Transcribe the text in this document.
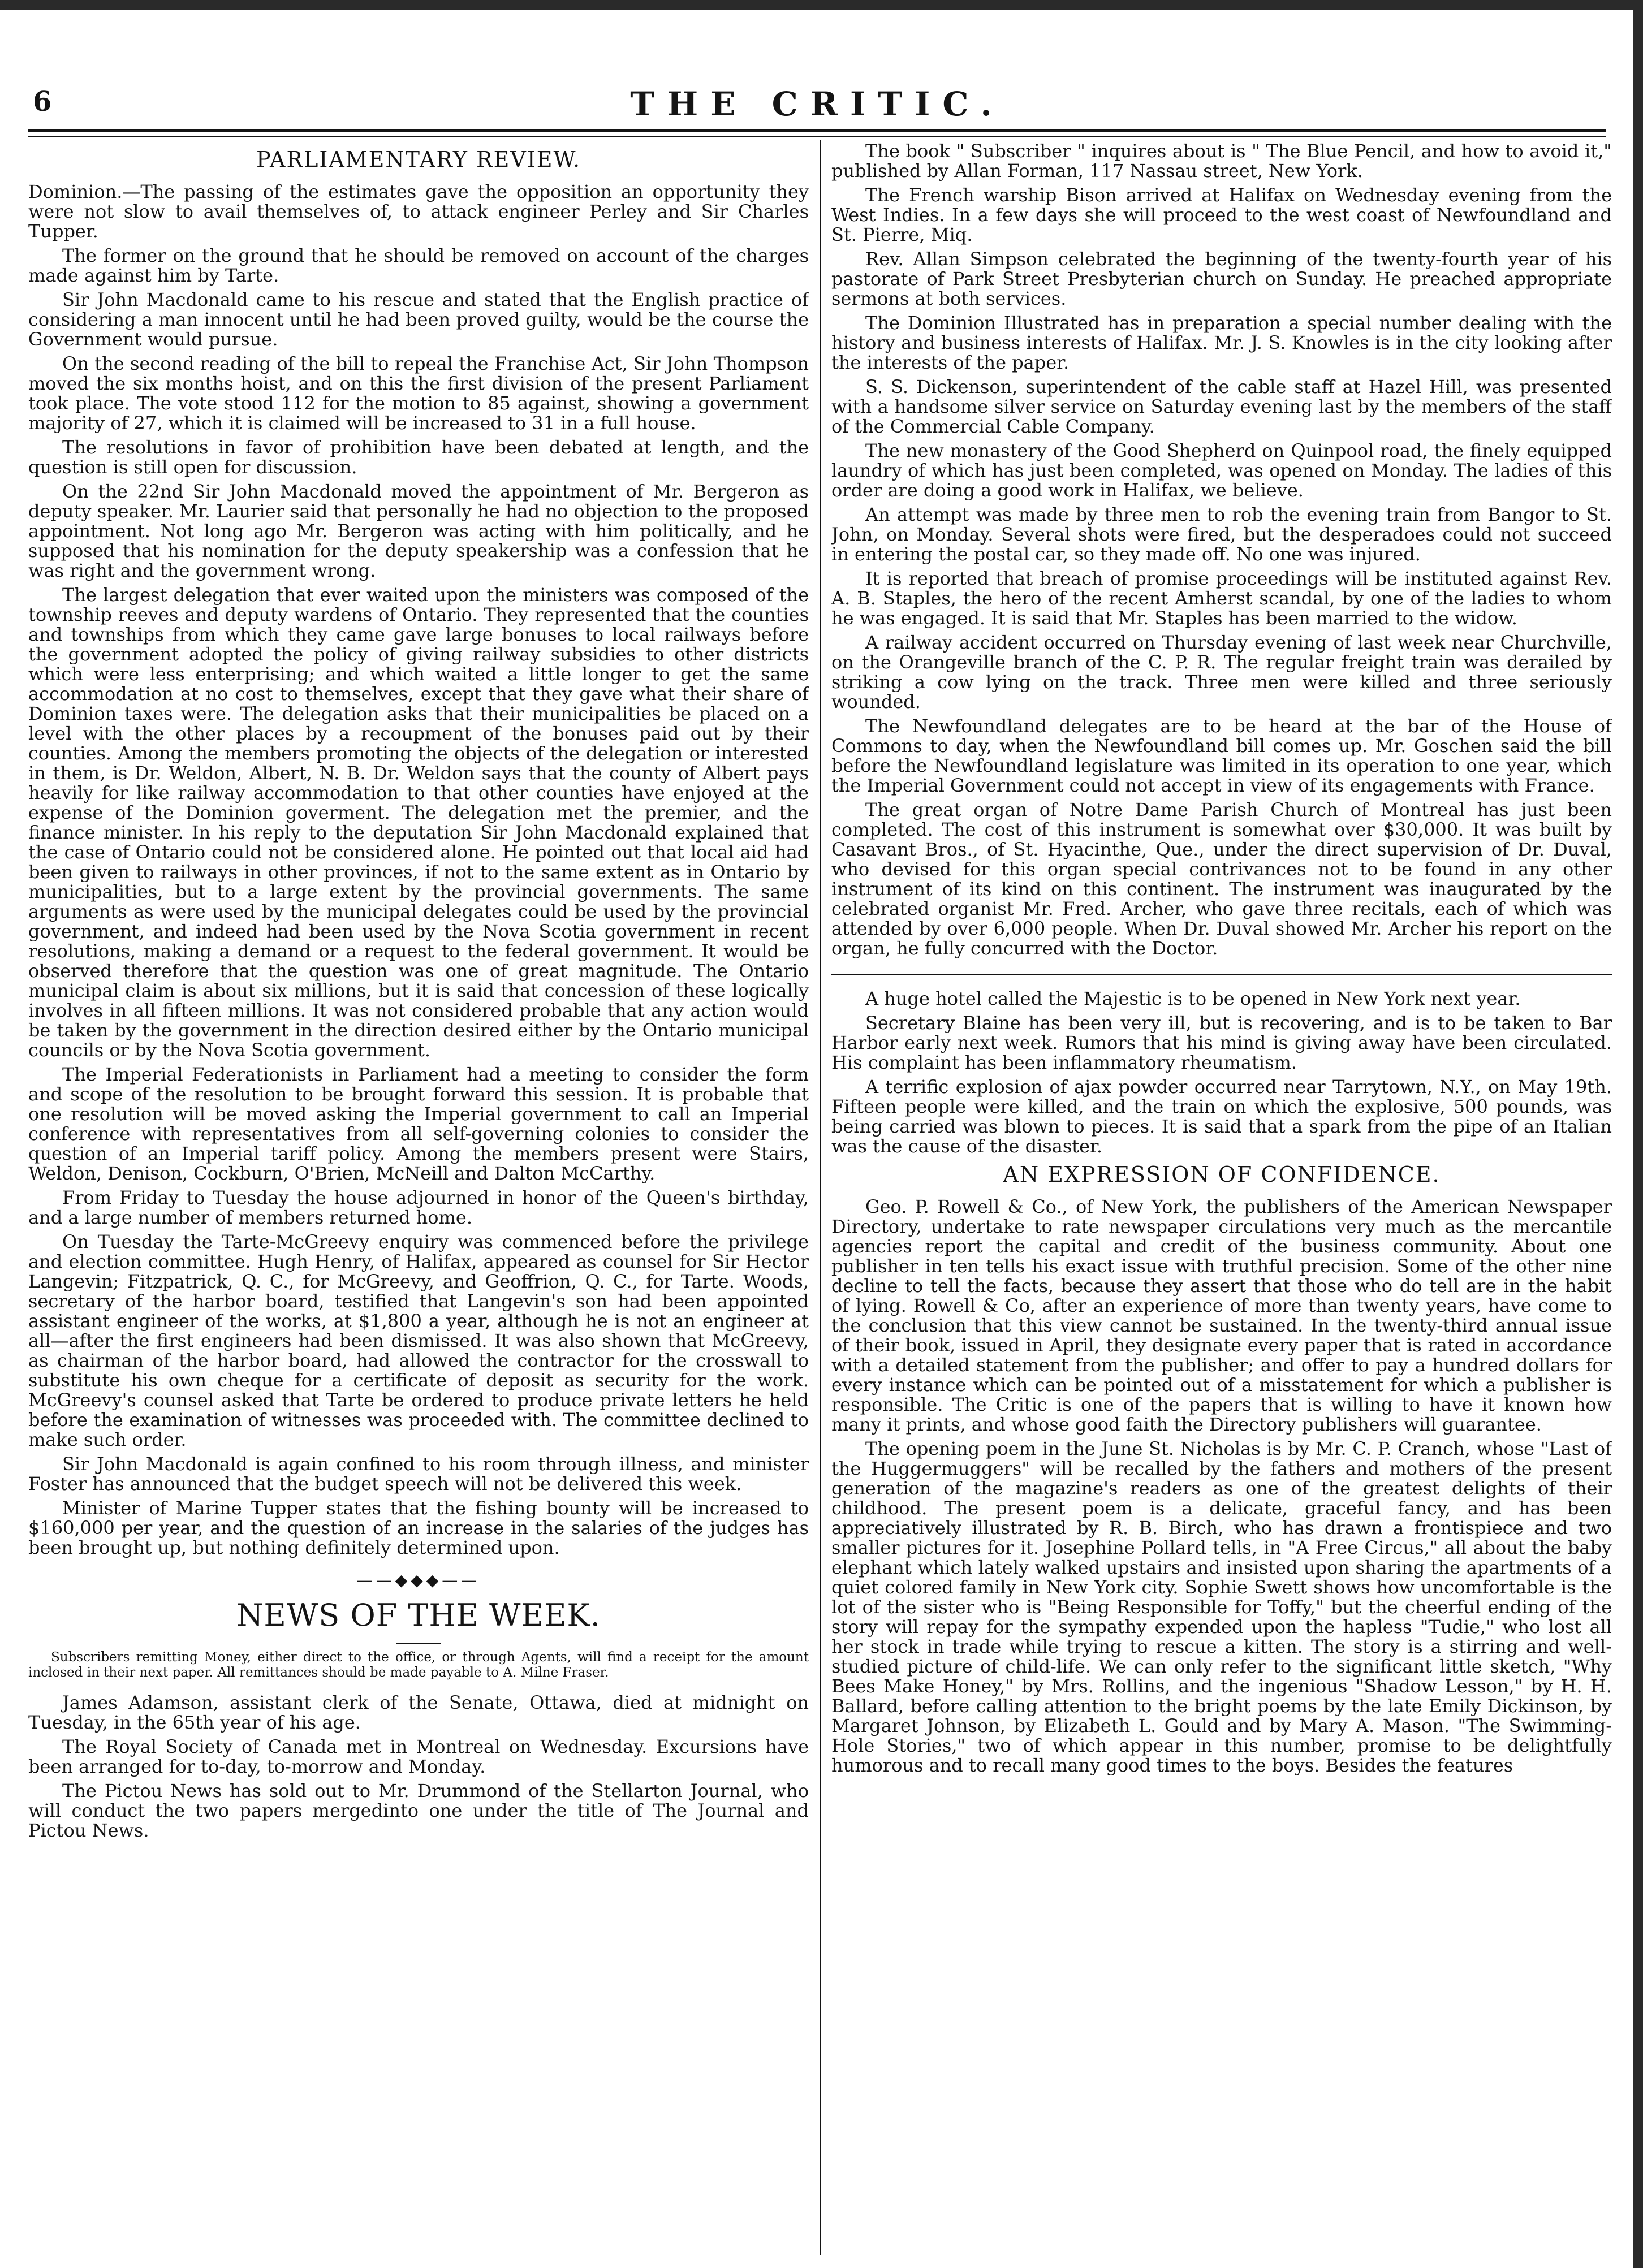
6	THE CRITIC.
PARLIAMENTARY REVIEW.

Dominion.—The passing of the estimates gave the opposition an opportunity they were not slow to avail themselves of, to attack engineer Perley and Sir Charles Tupper.

The former on the ground that he should be removed on account of the charges made against him by Tarte.

Sir John Macdonald came to his rescue and stated that the English practice of considering a man innocent until he had been proved guilty, would be the course the Government would pursue.

On the second reading of the bill to repeal the Franchise Act, Sir John Thompson moved the six months hoist, and on this the first division of the present Parliament took place. The vote stood 112 for the motion to 85 against, showing a government majority of 27, which it is claimed will be increased to 31 in a full house.

The resolutions in favor of prohibition have been debated at length, and the question is still open for discussion.

On the 22nd Sir John Macdonald moved the appointment of Mr. Bergeron as deputy speaker. Mr. Laurier said that personally he had no objection to the proposed appointment. Not long ago Mr. Bergeron was acting with him politically, and he supposed that his nomination for the deputy speakership was a confession that he was right and the government wrong.

The largest delegation that ever waited upon the ministers was composed of the township reeves and deputy wardens of Ontario. They represented that the counties and townships from which they came gave large bonuses to local railways before the government adopted the policy of giving railway subsidies to other districts which were less enterprising; and which waited a little longer to get the same accommodation at no cost to themselves, except that they gave what their share of Dominion taxes were. The delegation asks that their municipalities be placed on a level with the other places by a recoupment of the bonuses paid out by their counties. Among the members promoting the objects of the delegation or interested in them, is Dr. Weldon, Albert, N. B. Dr. Weldon says that the county of Albert pays heavily for like railway accommodation to that other counties have enjoyed at the expense of the Dominion goverment. The delegation met the premier, and the finance minister. In his reply to the deputation Sir John Macdonald explained that the case of Ontario could not be considered alone. He pointed out that local aid had been given to railways in other provinces, if not to the same extent as in Ontario by municipalities, but to a large extent by the provincial governments. The same arguments as were used by the municipal delegates could be used by the provincial government, and indeed had been used by the Nova Scotia government in recent resolutions, making a demand or a request to the federal government. It would be observed therefore that the question was one of great magnitude. The Ontario municipal claim is about six millions, but it is said that concession of these logically involves in all fifteen millions. It was not considered probable that any action would be taken by the government in the direction desired either by the Ontario municipal councils or by the Nova Scotia government.

The Imperial Federationists in Parliament had a meeting to consider the form and scope of the resolution to be brought forward this session. It is probable that one resolution will be moved asking the Imperial government to call an Imperial conference with representatives from all self-governing colonies to consider the question of an Imperial tariff policy. Among the members present were Stairs, Weldon, Denison, Cockburn, O'Brien, McNeill and Dalton McCarthy.

From Friday to Tuesday the house adjourned in honor of the Queen's birthday, and a large number of members returned home.

On Tuesday the Tarte-McGreevy enquiry was commenced before the privilege and election committee. Hugh Henry, of Halifax, appeared as counsel for Sir Hector Langevin; Fitzpatrick, Q. C., for McGreevy, and Geoffrion, Q. C., for Tarte. Woods, secretary of the harbor board, testified that Langevin's son had been appointed assistant engineer of the works, at $1,800 a year, although he is not an engineer at all—after the first engineers had been dismissed. It was also shown that McGreevy, as chairman of the harbor board, had allowed the contractor for the crosswall to substitute his own cheque for a certificate of deposit as security for the work. McGreevy's counsel asked that Tarte be ordered to produce private letters he held before the examination of witnesses was proceeded with. The committee declined to make such order.

Sir John Macdonald is again confined to his room through illness, and minister Foster has announced that the budget speech will not be delivered this week.

Minister of Marine Tupper states that the fishing bounty will be increased to $160,000 per year, and the question of an increase in the salaries of the judges has been brought up, but nothing definitely determined upon.

——◆◆◆——
NEWS OF THE WEEK.

Subscribers remitting Money, either direct to the office, or through Agents, will find a receipt for the amount inclosed in their next paper. All remittances should be made payable to A. Milne Fraser.

James Adamson, assistant clerk of the Senate, Ottawa, died at midnight on Tuesday, in the 65th year of his age.

The Royal Society of Canada met in Montreal on Wednesday. Excursions have been arranged for to-day, to-morrow and Monday.

The Pictou News has sold out to Mr. Drummond of the Stellarton Journal, who will conduct the two papers mergedinto one under the title of The Journal and Pictou News.

The book " Subscriber " inquires about is " The Blue Pencil, and how to avoid it," published by Allan Forman, 117 Nassau street, New York.

The French warship Bison arrived at Halifax on Wednesday evening from the West Indies. In a few days she will proceed to the west coast of Newfoundland and St. Pierre, Miq.

Rev. Allan Simpson celebrated the beginning of the twenty-fourth year of his pastorate of Park Street Presbyterian church on Sunday. He preached appropriate sermons at both services.

The Dominion Illustrated has in preparation a special number dealing with the history and business interests of Halifax. Mr. J. S. Knowles is in the city looking after the interests of the paper.

S. S. Dickenson, superintendent of the cable staff at Hazel Hill, was presented with a handsome silver service on Saturday evening last by the members of the staff of the Commercial Cable Company.

The new monastery of the Good Shepherd on Quinpool road, the finely equipped laundry of which has just been completed, was opened on Monday. The ladies of this order are doing a good work in Halifax, we believe.

An attempt was made by three men to rob the evening train from Bangor to St. John, on Monday. Several shots were fired, but the desperadoes could not succeed in entering the postal car, so they made off. No one was injured.

It is reported that breach of promise proceedings will be instituted against Rev. A. B. Staples, the hero of the recent Amherst scandal, by one of the ladies to whom he was engaged. It is said that Mr. Staples has been married to the widow.

A railway accident occurred on Thursday evening of last week near Churchville, on the Orangeville branch of the C. P. R. The regular freight train was derailed by striking a cow lying on the track. Three men were killed and three seriously wounded.

The Newfoundland delegates are to be heard at the bar of the House of Commons to day, when the Newfoundland bill comes up. Mr. Goschen said the bill before the Newfoundland legislature was limited in its operation to one year, which the Imperial Government could not accept in view of its engagements with France.

The great organ of Notre Dame Parish Church of Montreal has just been completed. The cost of this instrument is somewhat over $30,000. It was built by Casavant Bros., of St. Hyacinthe, Que., under the direct supervision of Dr. Duval, who devised for this organ special contrivances not to be found in any other instrument of its kind on this continent. The instrument was inaugurated by the celebrated organist Mr. Fred. Archer, who gave three recitals, each of which was attended by over 6,000 people. When Dr. Duval showed Mr. Archer his report on the organ, he fully concurred with the Doctor.

A huge hotel called the Majestic is to be opened in New York next year.

Secretary Blaine has been very ill, but is recovering, and is to be taken to Bar Harbor early next week. Rumors that his mind is giving away have been circulated. His complaint has been inflammatory rheumatism.

A terrific explosion of ajax powder occurred near Tarrytown, N.Y., on May 19th. Fifteen people were killed, and the train on which the explosive, 500 pounds, was being carried was blown to pieces. It is said that a spark from the pipe of an Italian was the cause of the disaster.

AN EXPRESSION OF CONFIDENCE.

Geo. P. Rowell & Co., of New York, the publishers of the American Newspaper Directory, undertake to rate newspaper circulations very much as the mercantile agencies report the capital and credit of the business community. About one publisher in ten tells his exact issue with truthful precision. Some of the other nine decline to tell the facts, because they assert that those who do tell are in the habit of lying. Rowell & Co, after an experience of more than twenty years, have come to the conclusion that this view cannot be sustained. In the twenty-third annual issue of their book, issued in April, they designate every paper that is rated in accordance with a detailed statement from the publisher; and offer to pay a hundred dollars for every instance which can be pointed out of a misstatement for which a publisher is responsible. The Critic is one of the papers that is willing to have it known how many it prints, and whose good faith the Directory publishers will guarantee.

The opening poem in the June St. Nicholas is by Mr. C. P. Cranch, whose "Last of the Huggermuggers" will be recalled by the fathers and mothers of the present generation of the magazine's readers as one of the greatest delights of their childhood. The present poem is a delicate, graceful fancy, and has been appreciatively illustrated by R. B. Birch, who has drawn a frontispiece and two smaller pictures for it. Josephine Pollard tells, in "A Free Circus," all about the baby elephant which lately walked upstairs and insisted upon sharing the apartments of a quiet colored family in New York city. Sophie Swett shows how uncomfortable is the lot of the sister who is "Being Responsible for Toffy," but the cheerful ending of the story will repay for the sympathy expended upon the hapless "Tudie," who lost all her stock in trade while trying to rescue a kitten. The story is a stirring and well-studied picture of child-life. We can only refer to the significant little sketch, "Why Bees Make Honey," by Mrs. Rollins, and the ingenious "Shadow Lesson," by H. H. Ballard, before calling attention to the bright poems by the late Emily Dickinson, by Margaret Johnson, by Elizabeth L. Gould and by Mary A. Mason. "The Swimming-Hole Stories," two of which appear in this number, promise to be delightfully humorous and to recall many good times to the boys. Besides the features
